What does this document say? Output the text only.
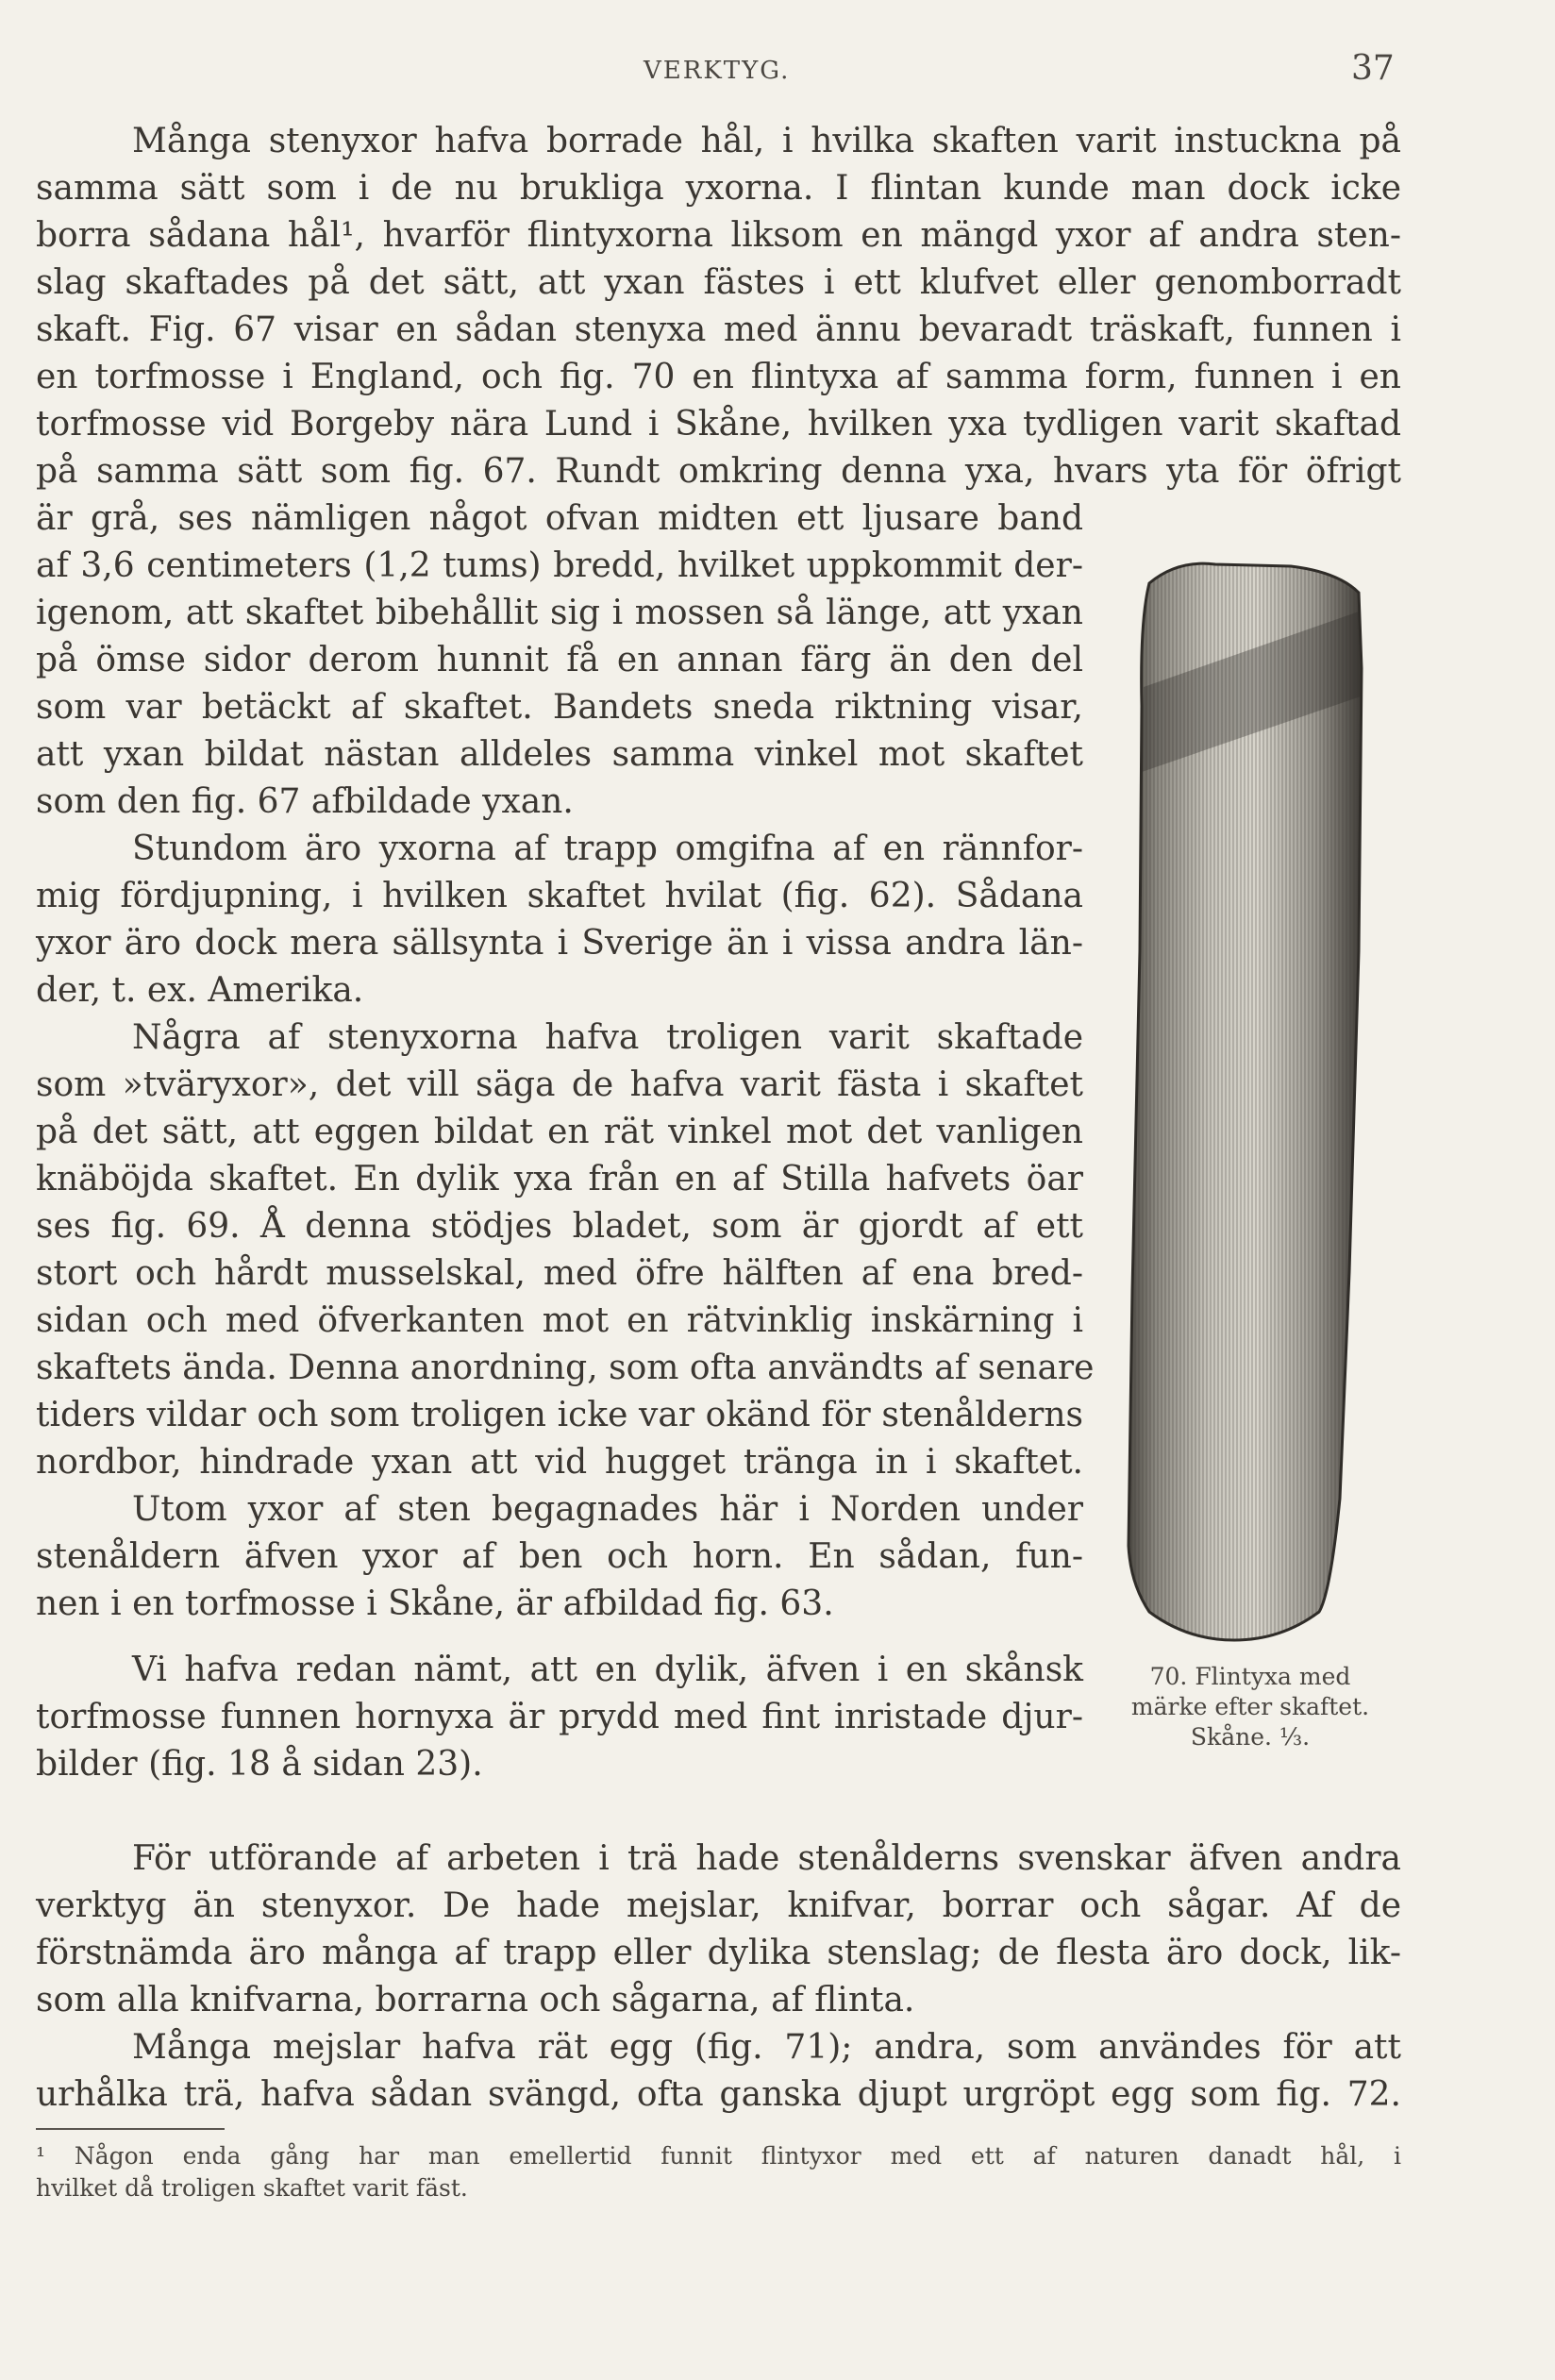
VERKTYG.	37
Många stenyxor hafva borrade hål, i hvilka skaften varit instuckna på
samma sätt som i de nu brukliga yxorna. I flintan kunde man dock icke
borra sådana hål¹, hvarför flintyxorna liksom en mängd yxor af andra sten-
slag skaftades på det sätt, att yxan fästes i ett klufvet eller genomborradt
skaft. Fig. 67 visar en sådan stenyxa med ännu bevaradt träskaft, funnen i
en torfmosse i England, och fig. 70 en flintyxa af samma form, funnen i en
torfmosse vid Borgeby nära Lund i Skåne, hvilken yxa tydligen varit skaftad
på samma sätt som fig. 67. Rundt omkring denna yxa, hvars yta för öfrigt
är grå, ses nämligen något ofvan midten ett ljusare band
af 3,6 centimeters (1,2 tums) bredd, hvilket uppkommit der-
igenom, att skaftet bibehållit sig i mossen så länge, att yxan
på ömse sidor derom hunnit få en annan färg än den del
som var betäckt af skaftet. Bandets sneda riktning visar,
att yxan bildat nästan alldeles samma vinkel mot skaftet
som den fig. 67 afbildade yxan.
Stundom äro yxorna af trapp omgifna af en rännfor-
mig fördjupning, i hvilken skaftet hvilat (fig. 62). Sådana
yxor äro dock mera sällsynta i Sverige än i vissa andra län-
der, t. ex. Amerika.
Några af stenyxorna hafva troligen varit skaftade
som »tväryxor», det vill säga de hafva varit fästa i skaftet
på det sätt, att eggen bildat en rät vinkel mot det vanligen
knäböjda skaftet. En dylik yxa från en af Stilla hafvets öar
ses fig. 69. Å denna stödjes bladet, som är gjordt af ett
stort och hårdt musselskal, med öfre hälften af ena bred-
sidan och med öfverkanten mot en rätvinklig inskärning i
skaftets ända. Denna anordning, som ofta användts af senare
tiders vildar och som troligen icke var okänd för stenålderns
nordbor, hindrade yxan att vid hugget tränga in i skaftet.
Utom yxor af sten begagnades här i Norden under
stenåldern äfven yxor af ben och horn. En sådan, fun-
nen i en torfmosse i Skåne, är afbildad fig. 63.
Vi hafva redan nämt, att en dylik, äfven i en skånsk
torfmosse funnen hornyxa är prydd med fint inristade djur-
bilder (fig. 18 å sidan 23).
För utförande af arbeten i trä hade stenålderns svenskar äfven andra
verktyg än stenyxor. De hade mejslar, knifvar, borrar och sågar. Af de
förstnämda äro många af trapp eller dylika stenslag; de flesta äro dock, lik-
som alla knifvarna, borrarna och sågarna, af flinta.
Många mejslar hafva rät egg (fig. 71); andra, som användes för att
urhålka trä, hafva sådan svängd, ofta ganska djupt urgröpt egg som fig. 72.
70. Flintyxa med
märke efter skaftet.
Skåne. ⅓.
¹ Någon enda gång har man emellertid funnit flintyxor med ett af naturen danadt hål, i
hvilket då troligen skaftet varit fäst.
